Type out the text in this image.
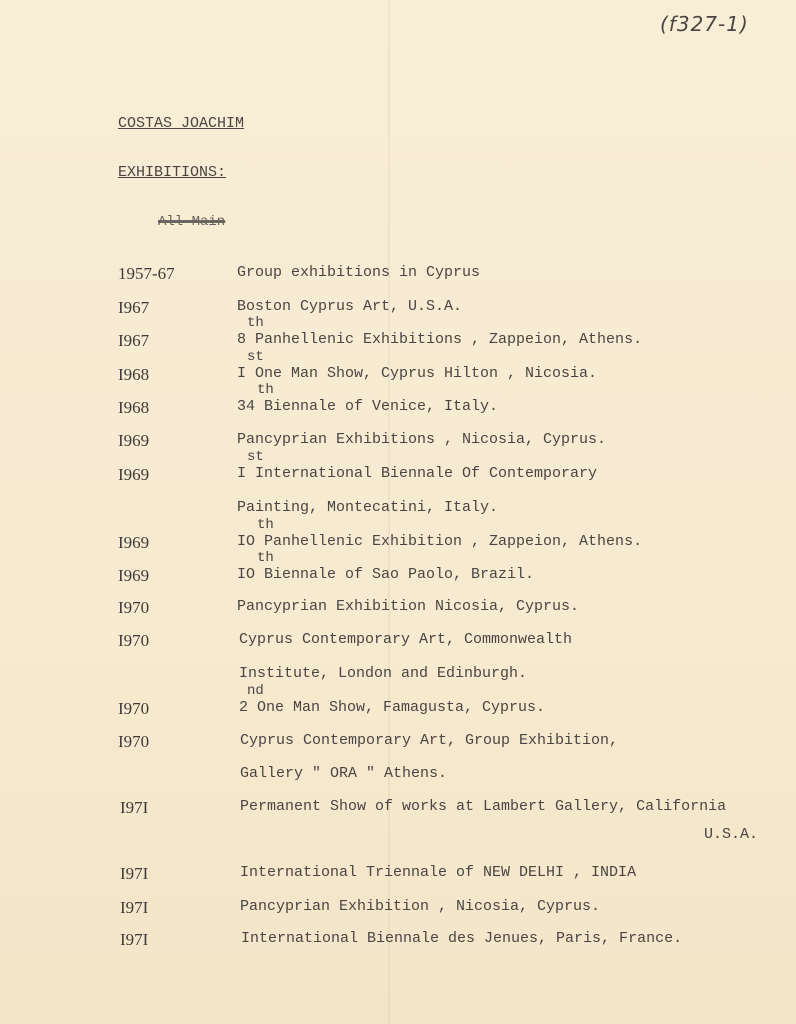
(f327-1)
COSTAS JOACHIM
EXHIBITIONS:
All Main
1957-67	Group exhibitions in Cyprus
I967	Boston Cyprus Art, U.S.A.
th
I967	8 Panhellenic Exhibitions , Zappeion, Athens.
st
I968	I One Man Show, Cyprus Hilton , Nicosia.
th
I968	34 Biennale of Venice, Italy.
I969	Pancyprian Exhibitions , Nicosia, Cyprus.
st
I969	I International Biennale Of Contemporary
Painting, Montecatini, Italy.
th
I969	IO Panhellenic Exhibition , Zappeion, Athens.
th
I969	IO Biennale of Sao Paolo, Brazil.
I970	Pancyprian Exhibition Nicosia, Cyprus.
I970	Cyprus Contemporary Art, Commonwealth
Institute, London and Edinburgh.
nd
I970	2 One Man Show, Famagusta, Cyprus.
I970	Cyprus Contemporary Art, Group Exhibition,
Gallery " ORA " Athens.
I97I	Permanent Show of works at Lambert Gallery, California
U.S.A.
I97I	International Triennale of NEW DELHI , INDIA
I97I	Pancyprian Exhibition , Nicosia, Cyprus.
I97I	International Biennale des Jenues, Paris, France.
